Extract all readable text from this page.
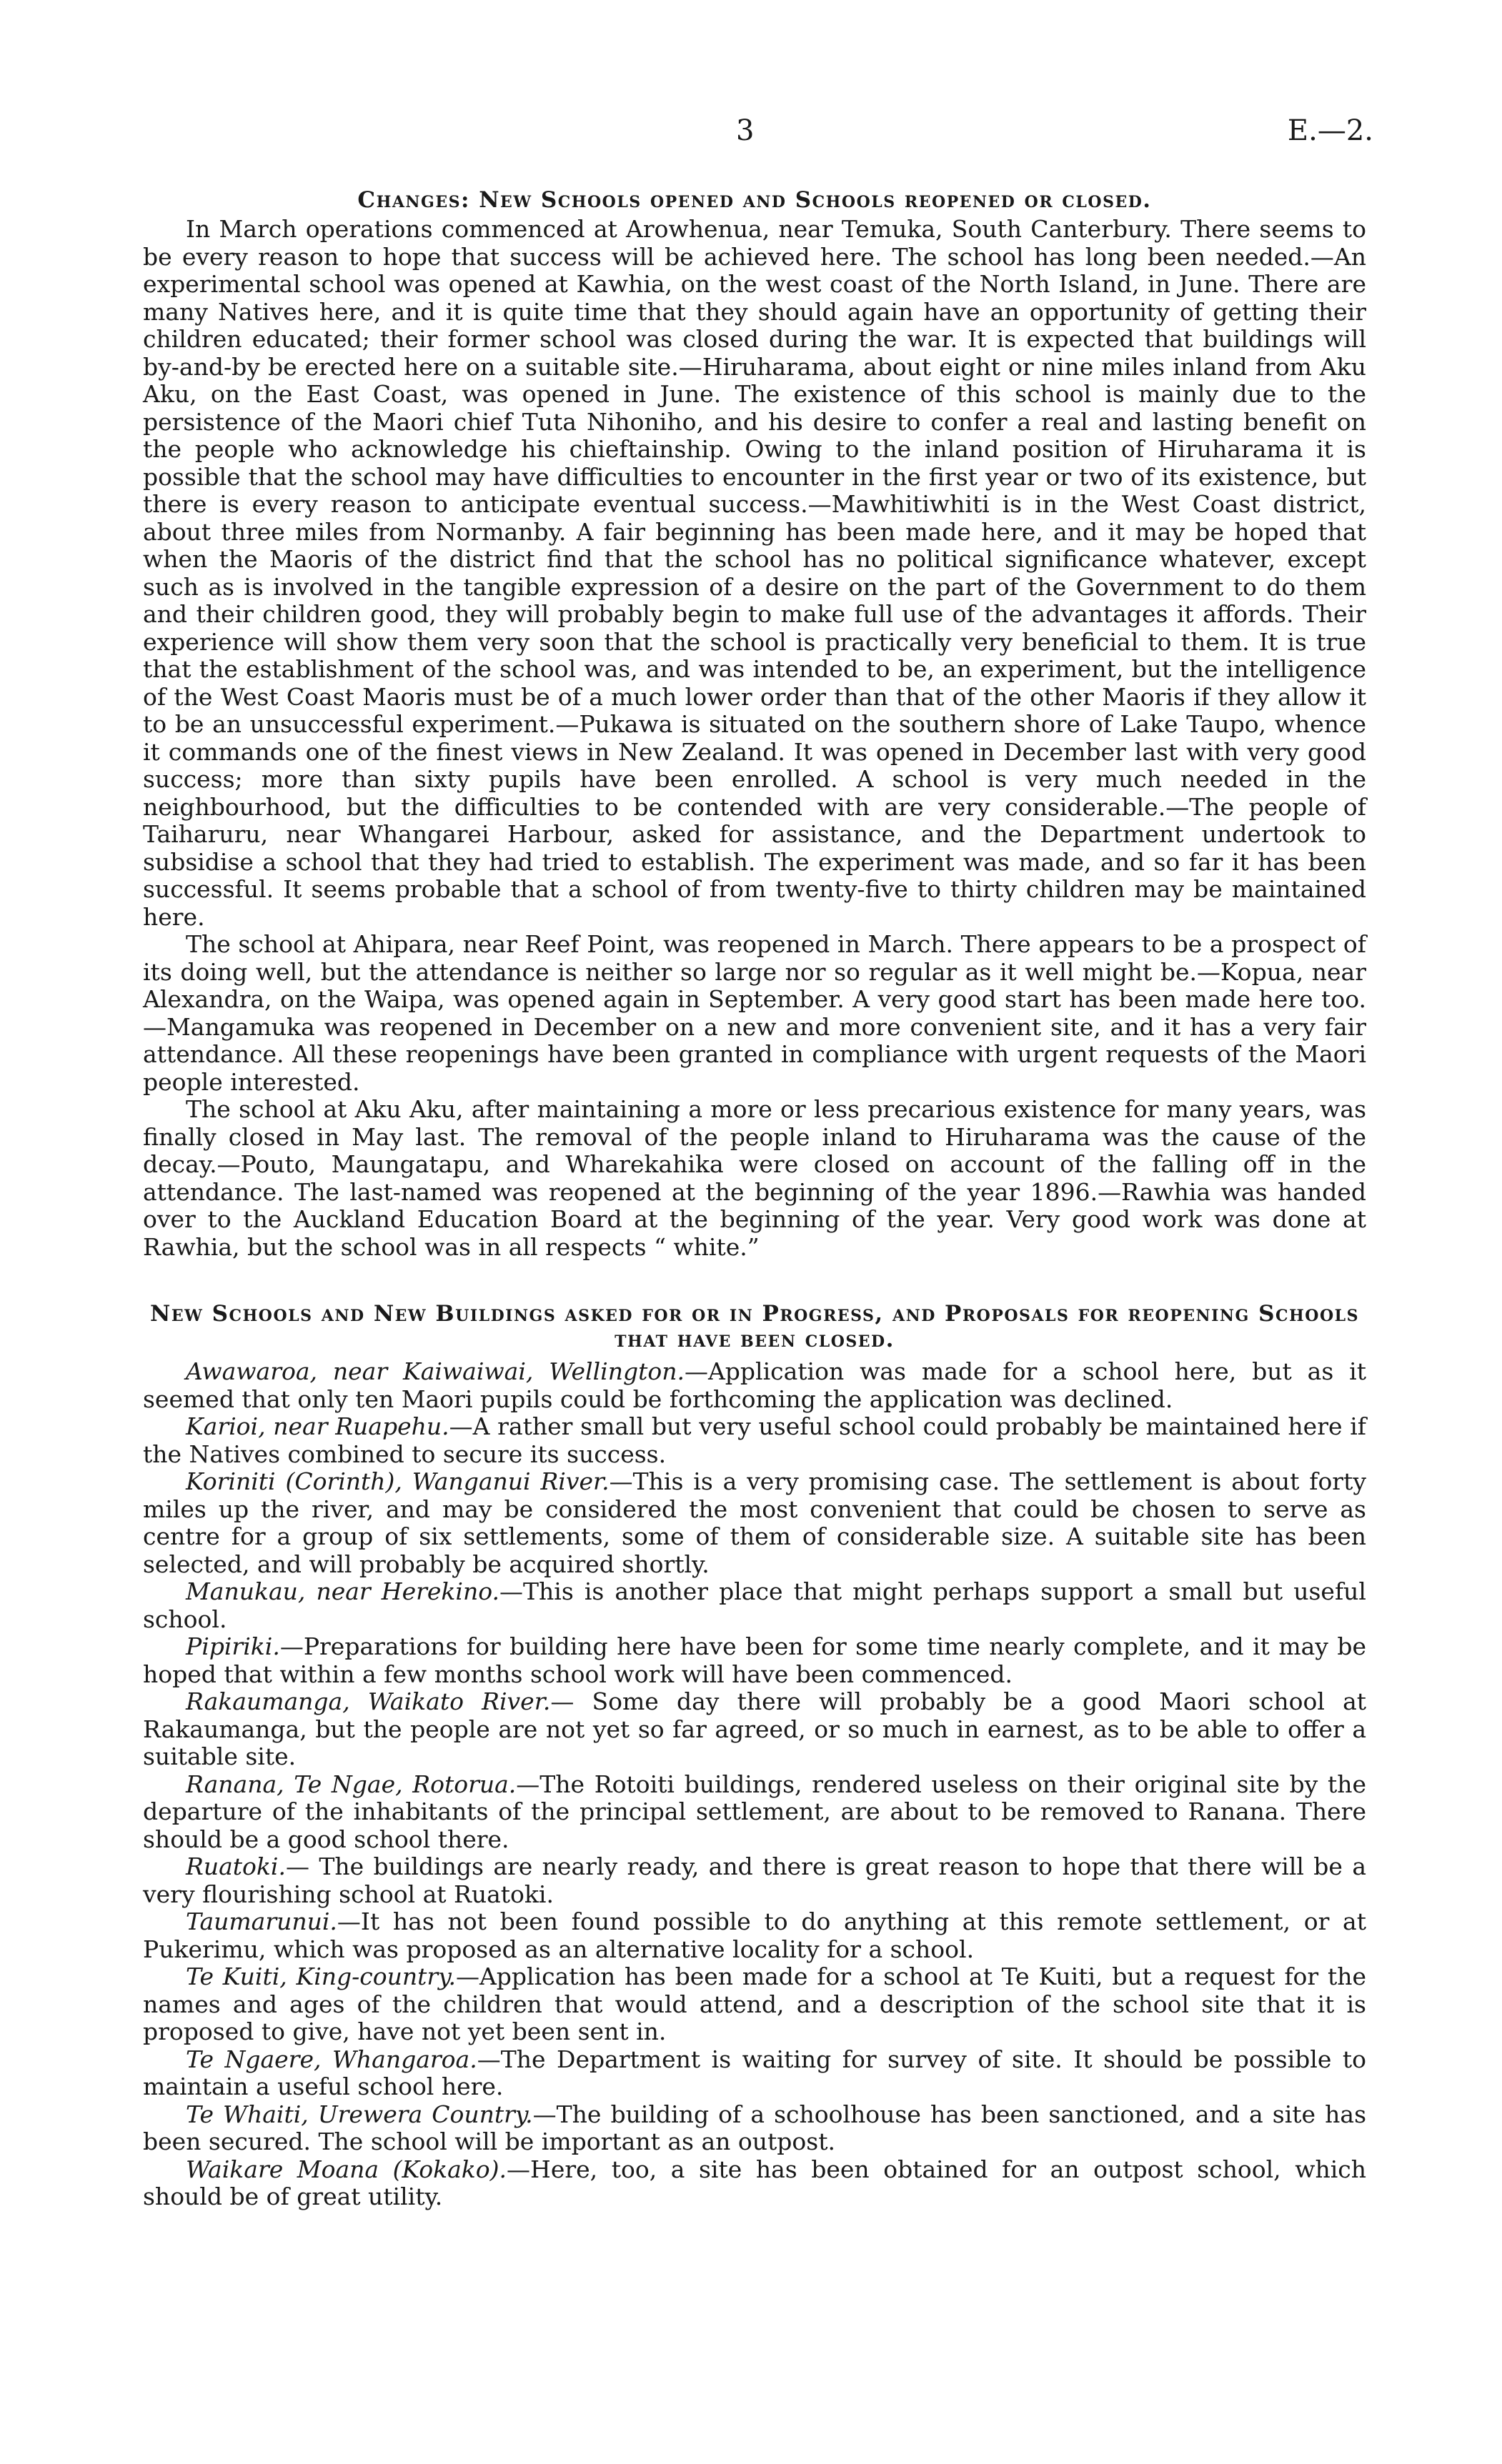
3	E.—2.
Changes: New Schools opened and Schools reopened or closed.

In March operations commenced at Arowhenua, near Temuka, South Canterbury. There seems to be every reason to hope that success will be achieved here. The school has long been needed.—An experimental school was opened at Kawhia, on the west coast of the North Island, in June. There are many Natives here, and it is quite time that they should again have an opportunity of getting their children educated; their former school was closed during the war. It is expected that buildings will by-and-by be erected here on a suitable site.—Hiruharama, about eight or nine miles inland from Aku Aku, on the East Coast, was opened in June. The existence of this school is mainly due to the persistence of the Maori chief Tuta Nihoniho, and his desire to confer a real and lasting benefit on the people who acknowledge his chieftainship. Owing to the inland position of Hiruharama it is possible that the school may have difficulties to encounter in the first year or two of its existence, but there is every reason to anticipate eventual success.—Mawhitiwhiti is in the West Coast district, about three miles from Normanby. A fair beginning has been made here, and it may be hoped that when the Maoris of the district find that the school has no political significance whatever, except such as is involved in the tangible expression of a desire on the part of the Government to do them and their children good, they will probably begin to make full use of the advantages it affords. Their experience will show them very soon that the school is practically very beneficial to them. It is true that the establishment of the school was, and was intended to be, an experiment, but the intelligence of the West Coast Maoris must be of a much lower order than that of the other Maoris if they allow it to be an unsuccessful experiment.—Pukawa is situated on the southern shore of Lake Taupo, whence it commands one of the finest views in New Zealand. It was opened in December last with very good success; more than sixty pupils have been enrolled. A school is very much needed in the neighbourhood, but the difficulties to be contended with are very considerable.—The people of Taiharuru, near Whangarei Harbour, asked for assistance, and the Department undertook to subsidise a school that they had tried to establish. The experiment was made, and so far it has been successful. It seems probable that a school of from twenty-five to thirty children may be maintained here.

The school at Ahipara, near Reef Point, was reopened in March. There appears to be a prospect of its doing well, but the attendance is neither so large nor so regular as it well might be.—Kopua, near Alexandra, on the Waipa, was opened again in September. A very good start has been made here too.—Mangamuka was reopened in December on a new and more convenient site, and it has a very fair attendance. All these reopenings have been granted in compliance with urgent requests of the Maori people interested.

The school at Aku Aku, after maintaining a more or less precarious existence for many years, was finally closed in May last. The removal of the people inland to Hiruharama was the cause of the decay.—Pouto, Maungatapu, and Wharekahika were closed on account of the falling off in the attendance. The last-named was reopened at the beginning of the year 1896.—Rawhia was handed over to the Auckland Education Board at the beginning of the year. Very good work was done at Rawhia, but the school was in all respects “ white.”

New Schools and New Buildings asked for or in Progress, and Proposals for reopening Schools that have been closed.

Awawaroa, near Kaiwaiwai, Wellington.—Application was made for a school here, but as it seemed that only ten Maori pupils could be forthcoming the application was declined.

Karioi, near Ruapehu.—A rather small but very useful school could probably be maintained here if the Natives combined to secure its success.

Koriniti (Corinth), Wanganui River.—This is a very promising case. The settlement is about forty miles up the river, and may be considered the most convenient that could be chosen to serve as centre for a group of six settlements, some of them of considerable size. A suitable site has been selected, and will probably be acquired shortly.

Manukau, near Herekino.—This is another place that might perhaps support a small but useful school.

Pipiriki.—Preparations for building here have been for some time nearly complete, and it may be hoped that within a few months school work will have been commenced.

Rakaumanga, Waikato River.— Some day there will probably be a good Maori school at Rakaumanga, but the people are not yet so far agreed, or so much in earnest, as to be able to offer a suitable site.

Ranana, Te Ngae, Rotorua.—The Rotoiti buildings, rendered useless on their original site by the departure of the inhabitants of the principal settlement, are about to be removed to Ranana. There should be a good school there.

Ruatoki.— The buildings are nearly ready, and there is great reason to hope that there will be a very flourishing school at Ruatoki.

Taumarunui.—It has not been found possible to do anything at this remote settlement, or at Pukerimu, which was proposed as an alternative locality for a school.

Te Kuiti, King-country.—Application has been made for a school at Te Kuiti, but a request for the names and ages of the children that would attend, and a description of the school site that it is proposed to give, have not yet been sent in.

Te Ngaere, Whangaroa.—The Department is waiting for survey of site. It should be possible to maintain a useful school here.

Te Whaiti, Urewera Country.—The building of a schoolhouse has been sanctioned, and a site has been secured. The school will be important as an outpost.

Waikare Moana (Kokako).—Here, too, a site has been obtained for an outpost school, which should be of great utility.
